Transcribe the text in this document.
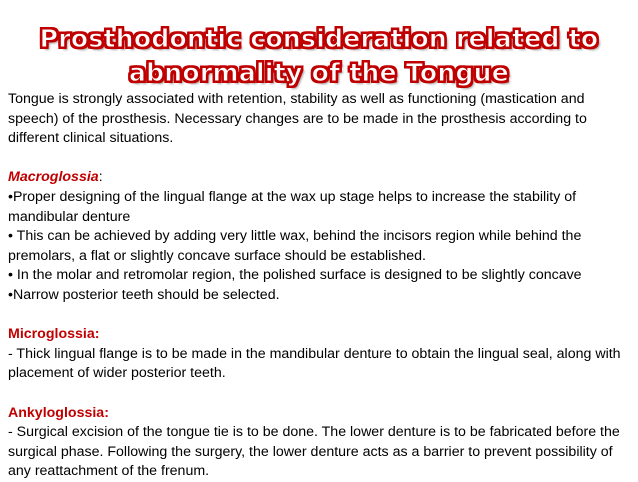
Prosthodontic consideration related to
abnormality of the Tongue

Tongue is strongly associated with retention, stability as well as functioning (mastication and speech) of the prosthesis. Necessary changes are to be made in the prosthesis according to different clinical situations.

Macroglossia:

•Proper designing of the lingual flange at the wax up stage helps to increase the stability of mandibular denture

• This can be achieved by adding very little wax, behind the incisors region while behind the premolars, a flat or slightly concave surface should be established.

• In the molar and retromolar region, the polished surface is designed to be slightly concave

•Narrow posterior teeth should be selected.

Microglossia:

- Thick lingual flange is to be made in the mandibular denture to obtain the lingual seal, along with placement of wider posterior teeth.

Ankyloglossia:

- Surgical excision of the tongue tie is to be done. The lower denture is to be fabricated before the surgical phase. Following the surgery, the lower denture acts as a barrier to prevent possibility of any reattachment of the frenum.
